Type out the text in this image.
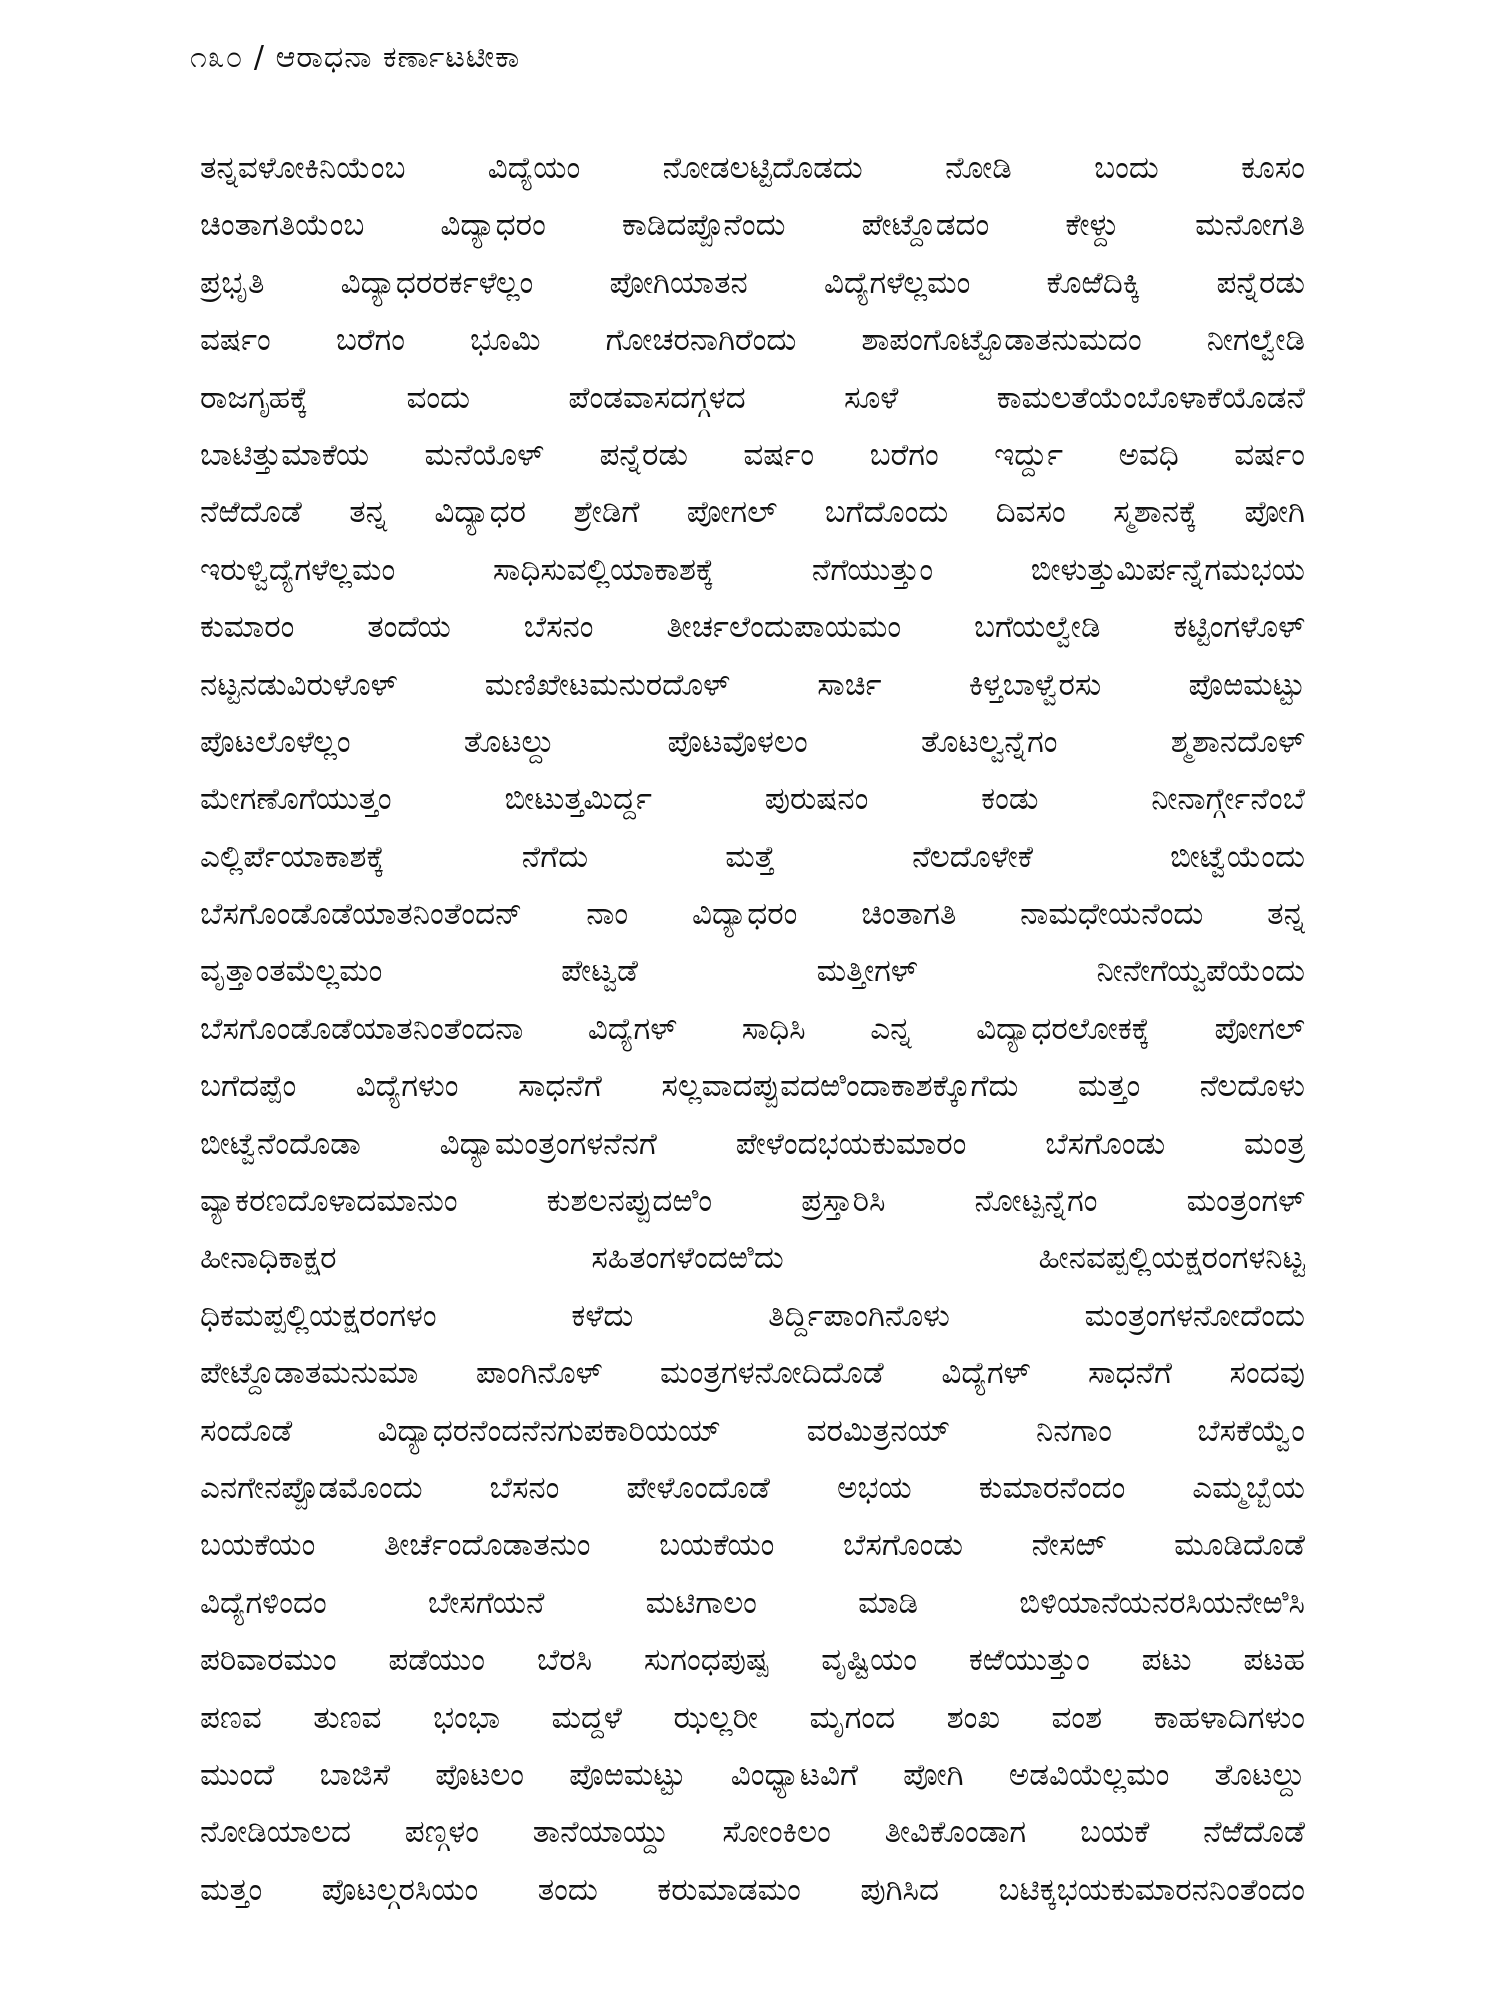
೧೩೦ / ಆರಾಧನಾ ಕರ್ಣಾಟಟೀಕಾ
ತನ್ನವಳೋಕಿನಿಯೆಂಬ ವಿದ್ಯೆಯಂ ನೋಡಲಟ್ಟಿದೊಡದು ನೋಡಿ ಬಂದು ಕೂಸಂ
ಚಿಂತಾಗತಿಯೆಂಬ ವಿದ್ಯಾಧರಂ ಕಾಡಿದಪ್ಪೊನೆಂದು ಪೇಟ್ದೊಡದಂ ಕೇಳ್ದು ಮನೋಗತಿ
ಪ್ರಭೃತಿ ವಿದ್ಯಾಧರರರ್ಕಳೆಲ್ಲಂ ಪೋಗಿಯಾತನ ವಿದ್ಯೆಗಳೆಲ್ಲಮಂ ಕೊಱೆದಿಕ್ಕಿ ಪನ್ನೆರಡು
ವರ್ಷಂ ಬರೆಗಂ ಭೂಮಿ ಗೋಚರನಾಗಿರೆಂದು ಶಾಪಂಗೊಟ್ಟೊಡಾತನುಮದಂ ನೀಗಲ್ವೇಡಿ
ರಾಜಗೃಹಕ್ಕೆ ವಂದು ಪೆಂಡವಾಸದಗ್ಗಳದ ಸೂಳೆ ಕಾಮಲತೆಯೆಂಬೊಳಾಕೆಯೊಡನೆ
ಬಾಟಿತ್ತುಮಾಕೆಯ ಮನೆಯೊಳ್ ಪನ್ನೆರಡು ವರ್ಷಂ ಬರೆಗಂ ಇರ್ದ್ದು ಅವಧಿ ವರ್ಷಂ
ನೆಱೆದೊಡೆ ತನ್ನ ವಿದ್ಯಾಧರ ಶ್ರೇಡಿಗೆ ಪೋಗಲ್ ಬಗೆದೊಂದು ದಿವಸಂ ಸ್ಮಶಾನಕ್ಕೆ ಪೋಗಿ
ಇರುಳ್ವಿದ್ಯೆಗಳೆಲ್ಲಮಂ ಸಾಧಿಸುವಲ್ಲಿಯಾಕಾಶಕ್ಕೆ ನೆಗೆಯುತ್ತುಂ ಬೀಳುತ್ತುಮಿರ್ಪನ್ನೆಗಮಭಯ
ಕುಮಾರಂ ತಂದೆಯ ಬೆಸನಂ ತೀರ್ಚಲೆಂದುಪಾಯಮಂ ಬಗೆಯಲ್ವೇಡಿ ಕಟ್ಟಿಂಗಳೊಳ್
ನಟ್ಟನಡುವಿರುಳೊಳ್ ಮಣಿಖೇಟಮನುರದೊಳ್ ಸಾರ್ಚಿ ಕಿಳ್ತಬಾಳ್ವೆರಸು ಪೊಱಮಟ್ಟು
ಪೊಟಲೊಳೆಲ್ಲಂ ತೊಟಲ್ದು ಪೊಟವೊಳಲಂ ತೊಟಲ್ವನ್ನೆಗಂ ಶ್ಮಶಾನದೊಳ್
ಮೇಗಣೊಗೆಯುತ್ತಂ ಬೀಟುತ್ತಮಿರ್ದ್ದ ಪುರುಷನಂ ಕಂಡು ನೀನಾರ್ಗ್ಗೇನೆಂಬೆ
ಎಲ್ಲಿರ್ಪೆಯಾಕಾಶಕ್ಕೆ ನೆಗೆದು ಮತ್ತೆ ನೆಲದೊಳೇಕೆ ಬೀಟ್ವೆಯೆಂದು
ಬೆಸಗೊಂಡೊಡೆಯಾತನಿಂತೆಂದನ್ ನಾಂ ವಿದ್ಯಾಧರಂ ಚಿಂತಾಗತಿ ನಾಮಧೇಯನೆಂದು ತನ್ನ
ವೃತ್ತಾಂತಮೆಲ್ಲಮಂ ಪೇಟ್ವಡೆ ಮತ್ತೀಗಳ್ ನೀನೇಗೆಯ್ವಪೆಯೆಂದು
ಬೆಸಗೊಂಡೊಡೆಯಾತನಿಂತೆಂದನಾ ವಿದ್ಯೆಗಳ್ ಸಾಧಿಸಿ ಎನ್ನ ವಿದ್ಯಾಧರಲೋಕಕ್ಕೆ ಪೋಗಲ್
ಬಗೆದಪ್ಪೆಂ ವಿದ್ಯೆಗಳುಂ ಸಾಧನೆಗೆ ಸಲ್ಲವಾದಪ್ಪುವದಱಿಂದಾಕಾಶಕ್ಕೊಗೆದು ಮತ್ತಂ ನೆಲದೊಳು
ಬೀಟ್ವೆನೆಂದೊಡಾ ವಿದ್ಯಾಮಂತ್ರಂಗಳನೆನಗೆ ಪೇಳೆಂದಭಯಕುಮಾರಂ ಬೆಸಗೊಂಡು ಮಂತ್ರ
ವ್ಯಾಕರಣದೊಳಾದಮಾನುಂ ಕುಶಲನಪ್ಪುದಱಿಂ ಪ್ರಸ್ತಾರಿಸಿ ನೋಟ್ಪನ್ನೆಗಂ ಮಂತ್ರಂಗಳ್
ಹೀನಾಧಿಕಾಕ್ಷರ ಸಹಿತಂಗಳೆಂದಱಿದು ಹೀನವಪ್ಪಲ್ಲಿಯಕ್ಷರಂಗಳನಿಟ್ಟ
ಧಿಕಮಪ್ಪಲ್ಲಿಯಕ್ಷರಂಗಳಂ ಕಳೆದು ತಿರ್ದ್ದಿಪಾಂಗಿನೊಳು ಮಂತ್ರಂಗಳನೋದೆಂದು
ಪೇಟ್ದೊಡಾತಮನುಮಾ ಪಾಂಗಿನೊಳ್ ಮಂತ್ರಗಳನೋದಿದೊಡೆ ವಿದ್ಯೆಗಳ್ ಸಾಧನೆಗೆ ಸಂದವು
ಸಂದೊಡೆ ವಿದ್ಯಾಧರನೆಂದನೆನಗುಪಕಾರಿಯಯ್ ವರಮಿತ್ರನಯ್ ನಿನಗಾಂ ಬೆಸಕೆಯ್ವೆಂ
ಎನಗೇನಪ್ಪೊಡಮೊಂದು ಬೆಸನಂ ಪೇಳೊಂದೊಡೆ ಅಭಯ ಕುಮಾರನೆಂದಂ ಎಮ್ಮಬ್ಬೆಯ
ಬಯಕೆಯಂ ತೀರ್ಚೆಂದೊಡಾತನುಂ ಬಯಕೆಯಂ ಬೆಸಗೊಂಡು ನೇಸಱ್ ಮೂಡಿದೊಡೆ
ವಿದ್ಯೆಗಳಿಂದಂ ಬೇಸಗೆಯನೆ ಮಟಿಗಾಲಂ ಮಾಡಿ ಬಿಳಿಯಾನೆಯನರಸಿಯನೇಱಿಸಿ
ಪರಿವಾರಮುಂ ಪಡೆಯುಂ ಬೆರಸಿ ಸುಗಂಧಪುಷ್ಪ ವೃಷ್ಟಿಯಂ ಕಱೆಯುತ್ತುಂ ಪಟು ಪಟಹ
ಪಣವ ತುಣವ ಭಂಭಾ ಮದ್ದಳೆ ಝಲ್ಲರೀ ಮೃಗಂದ ಶಂಖ ವಂಶ ಕಾಹಳಾದಿಗಳುಂ
ಮುಂದೆ ಬಾಜಿಸೆ ಪೊಟಲಂ ಪೊಱಮಟ್ಟು ವಿಂಧ್ಯಾಟವಿಗೆ ಪೋಗಿ ಅಡವಿಯೆಲ್ಲಮಂ ತೊಟಲ್ದು
ನೋಡಿಯಾಲದ ಪಣ್ಗಳಂ ತಾನೆಯಾಯ್ದು ಸೋಂಕಿಲಂ ತೀವಿಕೊಂಡಾಗ ಬಯಕೆ ನೆಱೆದೊಡೆ
ಮತ್ತಂ ಪೊಟಲ್ಗರಸಿಯಂ ತಂದು ಕರುಮಾಡಮಂ ಪುಗಿಸಿದ ಬಟಿಕ್ಕಭಯಕುಮಾರನನಿಂತೆಂದಂ
